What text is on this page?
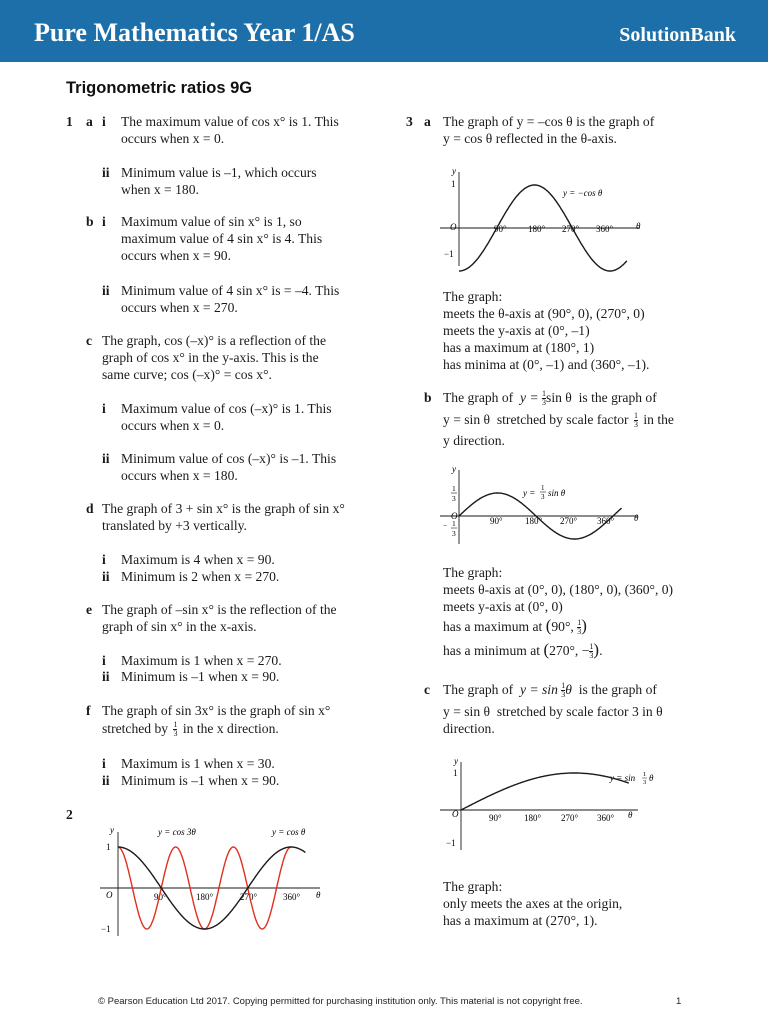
Pure Mathematics Year 1/AS	SolutionBank
Trigonometric ratios 9G
1 a i The maximum value of cos x° is 1. This
occurs when x = 0.
ii Minimum value is –1, which occurs
when x = 180.
b i Maximum value of sin x° is 1, so
maximum value of 4 sin x° is 4. This
occurs when x = 90.
ii Minimum value of 4 sin x° is = –4. This
occurs when x = 270.
c The graph, cos (–x)° is a reflection of the
graph of cos x° in the y-axis. This is the
same curve; cos (–x)° = cos x°.
i Maximum value of cos (–x)° is 1. This
occurs when x = 0.
ii Minimum value of cos (–x)° is –1. This
occurs when x = 180.
d The graph of 3 + sin x° is the graph of sin x°
translated by +3 vertically.
i Maximum is 4 when x = 90.
ii Minimum is 2 when x = 270.
e The graph of –sin x° is the reflection of the
graph of sin x° in the x-axis.
i Maximum is 1 when x = 270.
ii Minimum is –1 when x = 90.
f The graph of sin 3x° is the graph of sin x°
stretched by $\frac{1}{3}$ in the x direction.
i Maximum is 1 when x = 30.
ii Minimum is –1 when x = 90.
2
y
θ
O
1
−1
90°	180°	270°	360°
y = cos 3θ	y = cos θ
3 a The graph of y = –cos θ is the graph of
y = cos θ reflected in the θ-axis.
y
θ
O
1
−1
90° 180° 270° 360°
y = −cos θ
The graph:
meets the θ-axis at (90°, 0), (270°, 0)
meets the y-axis at (0°, –1)
has a maximum at (180°, 1)
has minima at (0°, –1) and (360°, –1).
b The graph of $y = \frac{1}{3}$ sin θ is the graph of
y = sin θ stretched by scale factor $\frac{1}{3}$ in the
y direction.
y
θ
O
1
3
− 1
3
90° 180° 270° 360°
y = 1
3 sin θ
The graph:
meets θ-axis at (0°, 0), (180°, 0), (360°, 0)
meets y-axis at (0°, 0)
has a maximum at (90°, $\frac{1}{3}$ )
has a minimum at (270°, − $\frac{1}{3}$ ).
c The graph of $y = \sin \frac{1}{3}$ θ is the graph of
y = sin θ stretched by scale factor 3 in θ
direction.
y
θ
O
1
−1
90° 180° 270° 360°
y = sin 1
3 θ
The graph:
only meets the axes at the origin,
has a maximum at (270°, 1).
© Pearson Education Ltd 2017. Copying permitted for purchasing institution only. This material is not copyright free.	1
